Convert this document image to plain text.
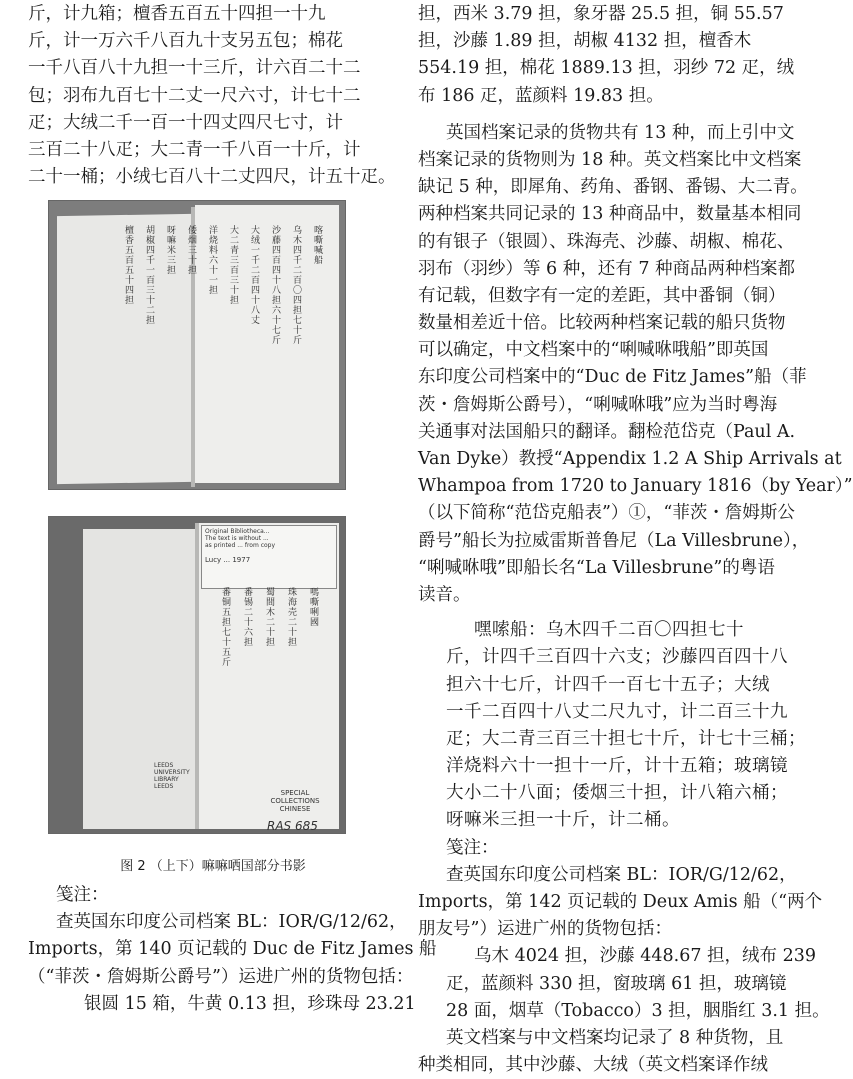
斤，计九箱；檀香五百五十四担一十九
斤，计一万六千八百九十支另五包；棉花
一千八百八十九担一十三斤，计六百二十二
包；羽布九百七十二丈一尺六寸，计七十二
疋；大绒二千一百一十四丈四尺七寸，计
三百二十八疋；大二青一千八百一十斤，计
二十一桶；小绒七百八十二丈四尺，计五十疋。
喀嘶喊船
乌木四千二百〇四担七十斤
沙藤四百四十八担六十七斤
大绒一千二百四十八丈
大二青三百三十担
洋烧料六十一担
倭烟三十担
呀嘛米三担
胡椒四千一百三十二担
檀香五百五十四担
Original Bibliotheca...
The text is without ...
as printed ... from copy
Lucy ... 1977
嗎嘶唎國
珠海壳二十担
蜀間木二十担
番锡二十六担
番铜五担七十五斤
LEEDS UNIVERSITY LIBRARY LEEDS
SPECIAL COLLECTIONS CHINESE
RAS 685
图 2 （上下）嘛嘛哂国部分书影
笺注：
查英国东印度公司档案 BL：IOR/G/12/62，
Imports，第 140 页记载的 Duc de Fitz James 船
（“菲茨・詹姆斯公爵号”）运进广州的货物包括：
银圆 15 箱，牛黄 0.13 担，珍珠母 23.21
担，西米 3.79 担，象牙器 25.5 担，铜 55.57
担，沙藤 1.89 担，胡椒 4132 担，檀香木
554.19 担，棉花 1889.13 担，羽纱 72 疋，绒
布 186 疋，蓝颜料 19.83 担。
英国档案记录的货物共有 13 种，而上引中文
档案记录的货物则为 18 种。英文档案比中文档案
缺记 5 种，即犀角、药角、番钢、番锡、大二青。
两种档案共同记录的 13 种商品中，数量基本相同
的有银子（银圆）、珠海壳、沙藤、胡椒、棉花、
羽布（羽纱）等 6 种，还有 7 种商品两种档案都
有记载，但数字有一定的差距，其中番铜（铜）
数量相差近十倍。比较两种档案记载的船只货物
可以确定，中文档案中的“唎喊咻哦船”即英国
东印度公司档案中的“Duc de Fitz James”船（菲
茨・詹姆斯公爵号），“唎喊咻哦”应为当时粤海
关通事对法国船只的翻译。翻检范岱克（Paul A.
Van Dyke）教授“Appendix 1.2 A Ship Arrivals at
Whampoa from 1720 to January 1816（by Year）”
（以下简称“范岱克船表”）①，“菲茨・詹姆斯公
爵号”船长为拉威雷斯普鲁尼（La Villesbrune），
“唎喊咻哦”即船长名“La Villesbrune”的粤语
读音。
嘿嗦船：乌木四千二百〇四担七十
斤，计四千三百四十六支；沙藤四百四十八
担六十七斤，计四千一百七十五子；大绒
一千二百四十八丈二尺九寸，计二百三十九
疋；大二青三百三十担七十斤，计七十三桶；
洋烧料六十一担十一斤，计十五箱；玻璃镜
大小二十八面；倭烟三十担，计八箱六桶；
呀嘛米三担一十斤，计二桶。
笺注：
查英国东印度公司档案 BL：IOR/G/12/62，
Imports，第 142 页记载的 Deux Amis 船（“两个
朋友号”）运进广州的货物包括：
乌木 4024 担，沙藤 448.67 担，绒布 239
疋，蓝颜料 330 担，窗玻璃 61 担，玻璃镜
28 面，烟草（Tobacco）3 担，胭脂红 3.1 担。
英文档案与中文档案均记录了 8 种货物，且
种类相同，其中沙藤、大绒（英文档案译作绒
